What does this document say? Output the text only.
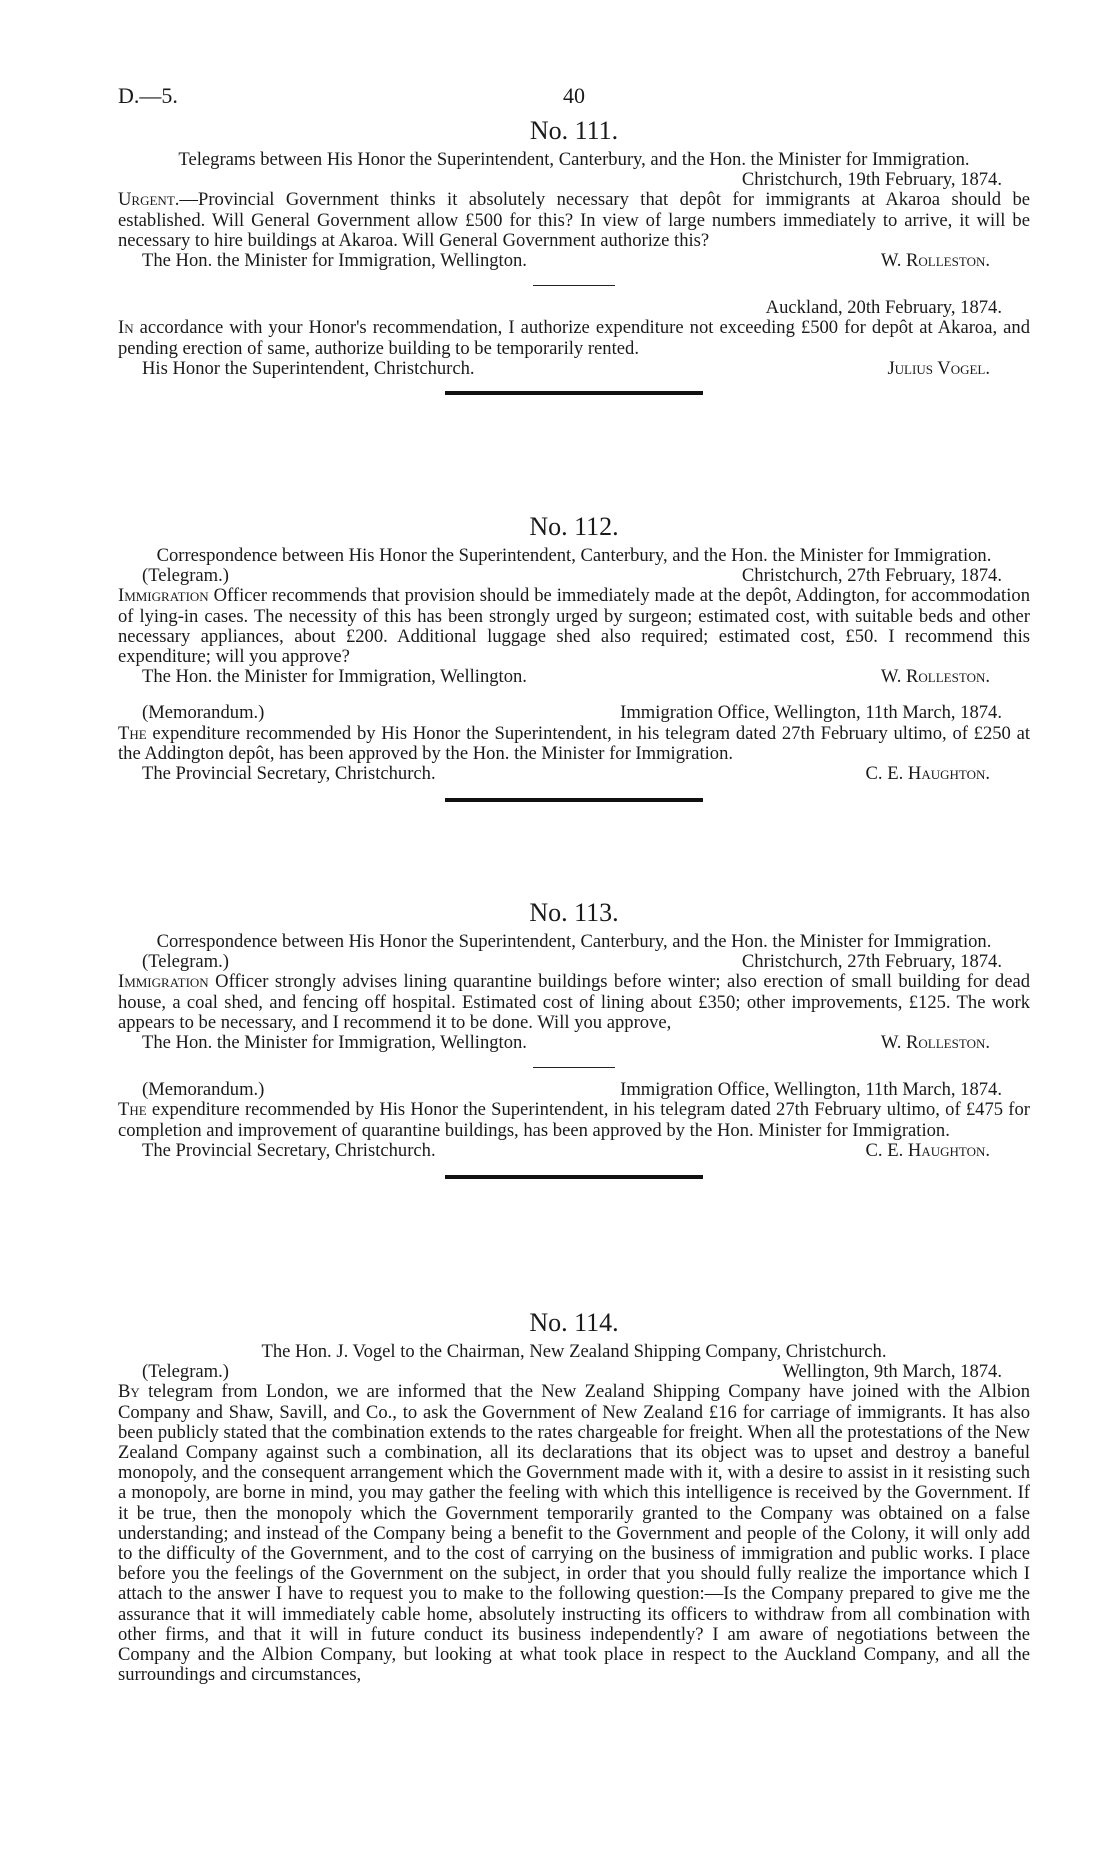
D.—5.	40
No. 111.
Telegrams between His Honor the Superintendent, Canterbury, and the Hon. the Minister for Immigration.
Christchurch, 19th February, 1874.

Urgent.—Provincial Government thinks it absolutely necessary that depôt for immigrants at Akaroa should be established. Will General Government allow £500 for this? In view of large numbers immediately to arrive, it will be necessary to hire buildings at Akaroa. Will General Government authorize this?

The Hon. the Minister for Immigration, Wellington.	W. Rolleston.
Auckland, 20th February, 1874.

In accordance with your Honor's recommendation, I authorize expenditure not exceeding £500 for depôt at Akaroa, and pending erection of same, authorize building to be temporarily rented.

His Honor the Superintendent, Christchurch.	Julius Vogel.
No. 112.
Correspondence between His Honor the Superintendent, Canterbury, and the Hon. the Minister for Immigration.
(Telegram.)	Christchurch, 27th February, 1874.

Immigration Officer recommends that provision should be immediately made at the depôt, Addington, for accommodation of lying-in cases. The necessity of this has been strongly urged by surgeon; estimated cost, with suitable beds and other necessary appliances, about £200. Additional luggage shed also required; estimated cost, £50. I recommend this expenditure; will you approve?

The Hon. the Minister for Immigration, Wellington.	W. Rolleston.
(Memorandum.)	Immigration Office, Wellington, 11th March, 1874.

The expenditure recommended by His Honor the Superintendent, in his telegram dated 27th February ultimo, of £250 at the Addington depôt, has been approved by the Hon. the Minister for Immigration.

The Provincial Secretary, Christchurch.	C. E. Haughton.
No. 113.
Correspondence between His Honor the Superintendent, Canterbury, and the Hon. the Minister for Immigration.
(Telegram.)	Christchurch, 27th February, 1874.

Immigration Officer strongly advises lining quarantine buildings before winter; also erection of small building for dead house, a coal shed, and fencing off hospital. Estimated cost of lining about £350; other improvements, £125. The work appears to be necessary, and I recommend it to be done. Will you approve,

The Hon. the Minister for Immigration, Wellington.	W. Rolleston.
(Memorandum.)	Immigration Office, Wellington, 11th March, 1874.

The expenditure recommended by His Honor the Superintendent, in his telegram dated 27th February ultimo, of £475 for completion and improvement of quarantine buildings, has been approved by the Hon. Minister for Immigration.

The Provincial Secretary, Christchurch.	C. E. Haughton.
No. 114.
The Hon. J. Vogel to the Chairman, New Zealand Shipping Company, Christchurch.
(Telegram.)	Wellington, 9th March, 1874.

By telegram from London, we are informed that the New Zealand Shipping Company have joined with the Albion Company and Shaw, Savill, and Co., to ask the Government of New Zealand £16 for carriage of immigrants. It has also been publicly stated that the combination extends to the rates chargeable for freight. When all the protestations of the New Zealand Company against such a combination, all its declarations that its object was to upset and destroy a baneful monopoly, and the consequent arrangement which the Government made with it, with a desire to assist in it resisting such a monopoly, are borne in mind, you may gather the feeling with which this intelligence is received by the Government. If it be true, then the monopoly which the Government temporarily granted to the Company was obtained on a false understanding; and instead of the Company being a benefit to the Government and people of the Colony, it will only add to the difficulty of the Government, and to the cost of carrying on the business of immigration and public works. I place before you the feelings of the Government on the subject, in order that you should fully realize the importance which I attach to the answer I have to request you to make to the following question:—Is the Company prepared to give me the assurance that it will immediately cable home, absolutely instructing its officers to withdraw from all combination with other firms, and that it will in future conduct its business independently? I am aware of negotiations between the Company and the Albion Company, but looking at what took place in respect to the Auckland Company, and all the surroundings and circumstances,
